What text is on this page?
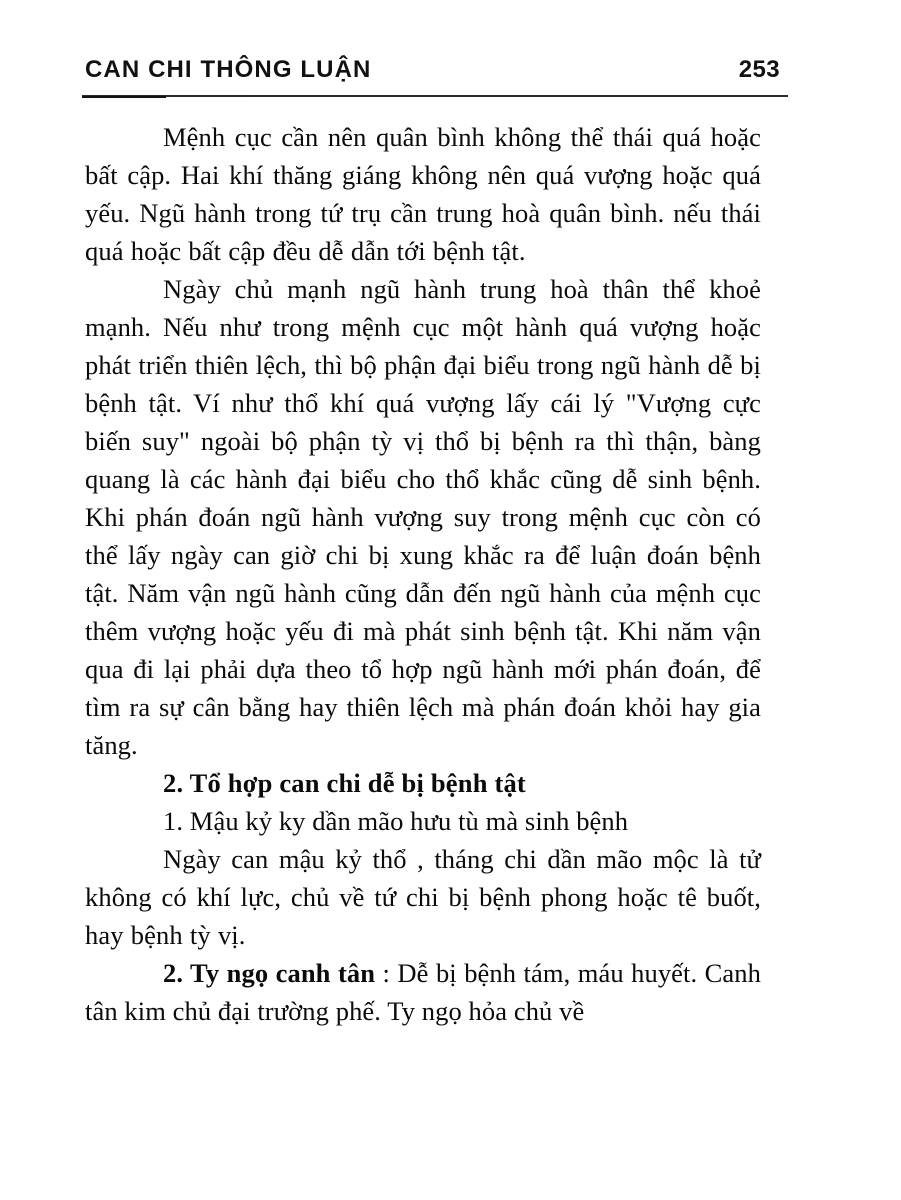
CAN CHI THÔNG LUẬN	253

Mệnh cục cần nên quân bình không thể thái quá hoặc bất cập. Hai khí thăng giáng không nên quá vượng hoặc quá yếu. Ngũ hành trong tứ trụ cần trung hoà quân bình. nếu thái quá hoặc bất cập đều dễ dẫn tới bệnh tật.

Ngày chủ mạnh ngũ hành trung hoà thân thể khoẻ mạnh. Nếu như trong mệnh cục một hành quá vượng hoặc phát triển thiên lệch, thì bộ phận đại biểu trong ngũ hành dễ bị bệnh tật. Ví như thổ khí quá vượng lấy cái lý "Vượng cực biến suy" ngoài bộ phận tỳ vị thổ bị bệnh ra thì thận, bàng quang là các hành đại biểu cho thổ khắc cũng dễ sinh bệnh. Khi phán đoán ngũ hành vượng suy trong mệnh cục còn có thể lấy ngày can giờ chi bị xung khắc ra để luận đoán bệnh tật. Năm vận ngũ hành cũng dẫn đến ngũ hành của mệnh cục thêm vượng hoặc yếu đi mà phát sinh bệnh tật. Khi năm vận qua đi lại phải dựa theo tổ hợp ngũ hành mới phán đoán, để tìm ra sự cân bằng hay thiên lệch mà phán đoán khỏi hay gia tăng.

2. Tổ hợp can chi dễ bị bệnh tật

1. Mậu kỷ ky dần mão hưu tù mà sinh bệnh

Ngày can mậu kỷ thổ , tháng chi dần mão mộc là tử không có khí lực, chủ về tứ chi bị bệnh phong hoặc tê buốt, hay bệnh tỳ vị.

2. Ty ngọ canh tân : Dễ bị bệnh tám, máu huyết. Canh tân kim chủ đại trường phế. Ty ngọ hỏa chủ về
